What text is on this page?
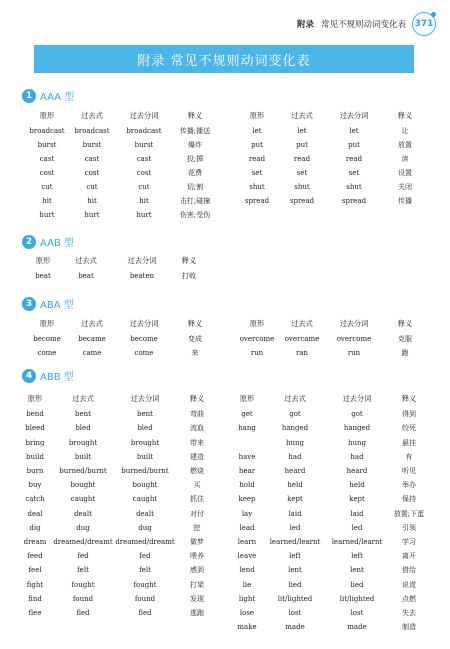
附录 常见不规则动词变化表 371
附录 常见不规则动词变化表
1 AAA 型
原形	过去式	过去分词	释义
broadcast	broadcast	broadcast	传播;播送
burst	burst	burst	爆炸
cast	cast	cast	投;掷
cost	cost	cost	花费
cut	cut	cut	切;割
hit	hit	hit	击打;碰撞
hurt	hurt	hurt	伤害;受伤
原形	过去式	过去分词	释义
let	let	let	让
put	put	put	放置
read	read	read	读
set	set	set	设置
shut	shut	shut	关闭
spread	spread	spread	传播
2 AAB 型
原形	过去式	过去分词	释义
beat	beat	beaten	打败
3 ABA 型
原形	过去式	过去分词	释义
become	became	become	变成
come	came	come	来
原形	过去式	过去分词	释义
overcome	overcame	overcome	克服
run	ran	run	跑
4 ABB 型
原形	过去式	过去分词	释义
bend	bent	bent	弯曲
bleed	bled	bled	流血
bring	brought	brought	带来
build	built	built	建造
burn	burned/burnt	burned/burnt	燃烧
buy	bought	bought	买
catch	caught	caught	抓住
deal	dealt	dealt	对付
dig	dug	dug	挖
dream	dreamed/dreamt	dreamed/dreamt	做梦
feed	fed	fed	喂养
feel	felt	felt	感到
fight	fought	fought	打架
find	found	found	发现
flee	fled	fled	逃跑
原形	过去式	过去分词	释义
get	got	got	得到
hang	hanged	hanged	绞死
	hung	hung	悬挂
have	had	had	有
hear	heard	heard	听见
hold	held	held	举办
keep	kept	kept	保持
lay	laid	laid	放置;下蛋
lead	led	led	引领
learn	learned/learnt	learned/learnt	学习
leave	left	left	离开
lend	lent	lent	借给
lie	lied	lied	说谎
light	lit/lighted	lit/lighted	点燃
lose	lost	lost	失去
make	made	made	制造
